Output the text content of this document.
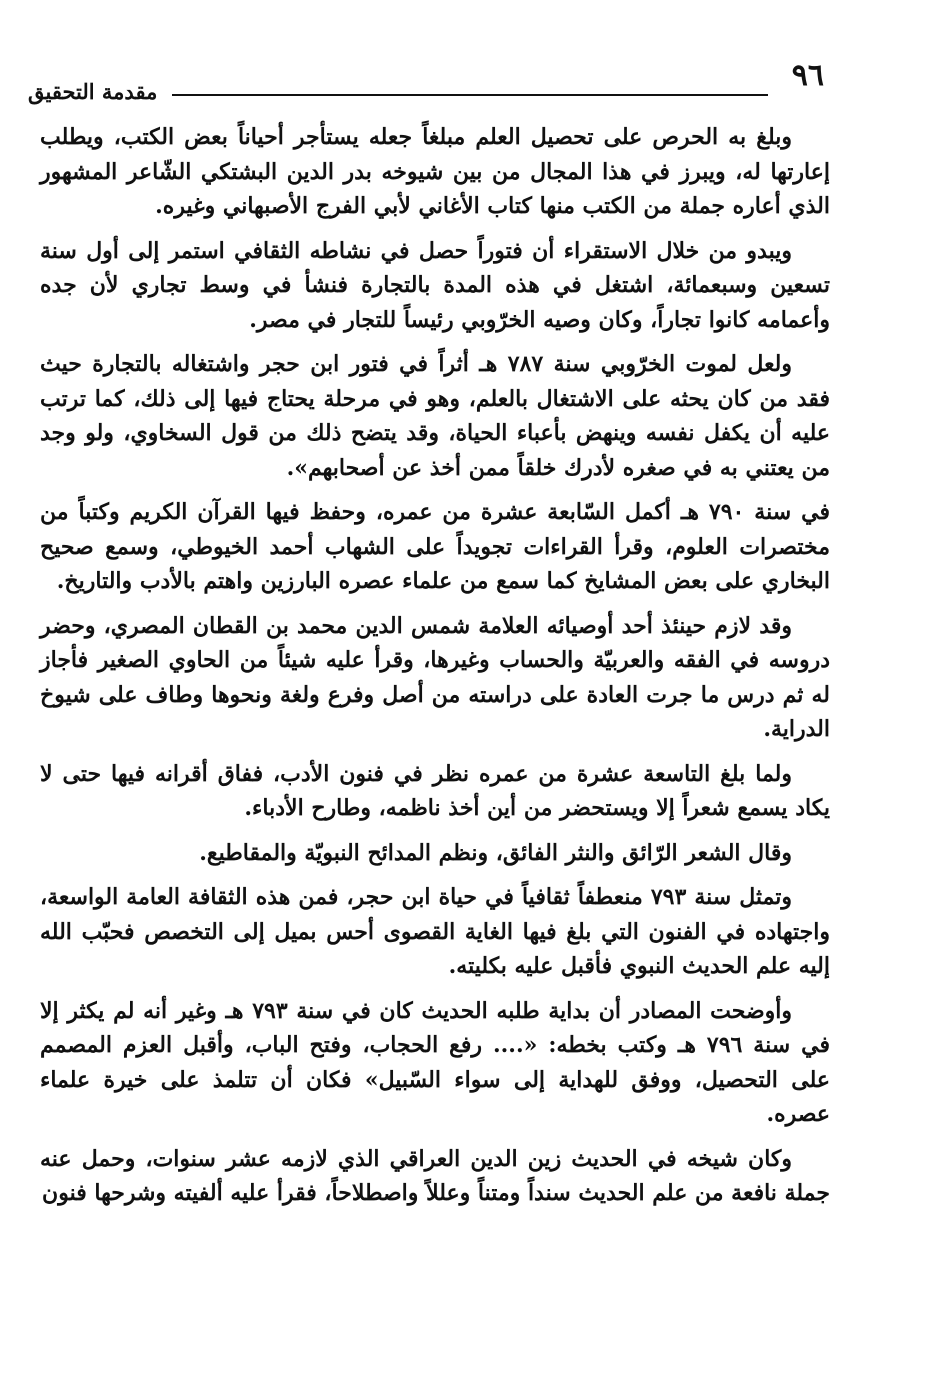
٩٦
مقدمة التحقيق

وبلغ به الحرص على تحصيل العلم مبلغاً جعله يستأجر أحياناً بعض الكتب، ويطلب إعارتها له، ويبرز في هذا المجال من بين شيوخه بدر الدين البشتكي الشّاعر المشهور الذي أعاره جملة من الكتب منها كتاب الأغاني لأبي الفرج الأصبهاني وغيره.

ويبدو من خلال الاستقراء أن فتوراً حصل في نشاطه الثقافي استمر إلى أول سنة تسعين وسبعمائة، اشتغل في هذه المدة بالتجارة فنشأ في وسط تجاري لأن جده وأعمامه كانوا تجاراً، وكان وصيه الخرّوبي رئيساً للتجار في مصر.

ولعل لموت الخرّوبي سنة ٧٨٧ هـ أثراً في فتور ابن حجر واشتغاله بالتجارة حيث فقد من كان يحثه على الاشتغال بالعلم، وهو في مرحلة يحتاج فيها إلى ذلك، كما ترتب عليه أن يكفل نفسه وينهض بأعباء الحياة، وقد يتضح ذلك من قول السخاوي، ولو وجد من يعتني به في صغره لأدرك خلقاً ممن أخذ عن أصحابهم».

في سنة ٧٩٠ هـ أكمل السّابعة عشرة من عمره، وحفظ فيها القرآن الكريم وكتباً من مختصرات العلوم، وقرأ القراءات تجويداً على الشهاب أحمد الخيوطي، وسمع صحيح البخاري على بعض المشايخ كما سمع من علماء عصره البارزين واهتم بالأدب والتاريخ.

وقد لازم حينئذ أحد أوصيائه العلامة شمس الدين محمد بن القطان المصري، وحضر دروسه في الفقه والعربيّة والحساب وغيرها، وقرأ عليه شيئاً من الحاوي الصغير فأجاز له ثم درس ما جرت العادة على دراسته من أصل وفرع ولغة ونحوها وطاف على شيوخ الدراية.

ولما بلغ التاسعة عشرة من عمره نظر في فنون الأدب، ففاق أقرانه فيها حتى لا يكاد يسمع شعراً إلا ويستحضر من أين أخذ ناظمه، وطارح الأدباء.

وقال الشعر الرّائق والنثر الفائق، ونظم المدائح النبويّة والمقاطيع.

وتمثل سنة ٧٩٣ منعطفاً ثقافياً في حياة ابن حجر، فمن هذه الثقافة العامة الواسعة، واجتهاده في الفنون التي بلغ فيها الغاية القصوى أحس بميل إلى التخصص فحبّب الله إليه علم الحديث النبوي فأقبل عليه بكليته.

وأوضحت المصادر أن بداية طلبه الحديث كان في سنة ٧٩٣ هـ وغير أنه لم يكثر إلا في سنة ٧٩٦ هـ وكتب بخطه: «.... رفع الحجاب، وفتح الباب، وأقبل العزم المصمم على التحصيل، ووفق للهداية إلى سواء السّبيل» فكان أن تتلمذ على خيرة علماء عصره.

وكان شيخه في الحديث زين الدين العراقي الذي لازمه عشر سنوات، وحمل عنه جملة نافعة من علم الحديث سنداً ومتناً وعللاً واصطلاحاً، فقرأ عليه ألفيته وشرحها فنون
